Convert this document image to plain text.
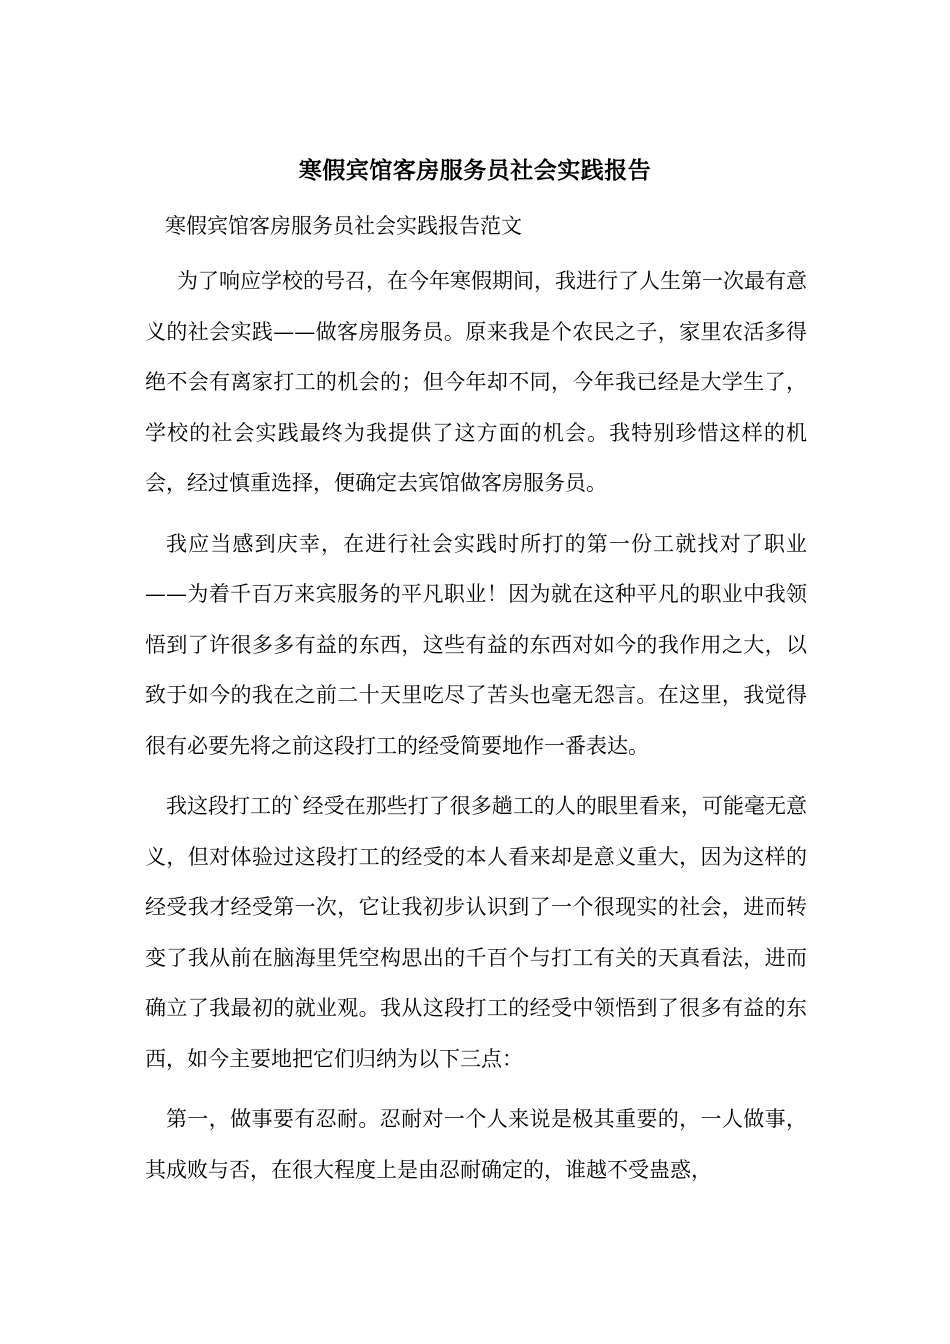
寒假宾馆客房服务员社会实践报告

寒假宾馆客房服务员社会实践报告范文

为了响应学校的号召，在今年寒假期间，我进行了人生第一次最有意义的社会实践——做客房服务员。原来我是个农民之子，家里农活多得绝不会有离家打工的机会的；但今年却不同，今年我已经是大学生了，学校的社会实践最终为我提供了这方面的机会。我特别珍惜这样的机会，经过慎重选择，便确定去宾馆做客房服务员。

我应当感到庆幸，在进行社会实践时所打的第一份工就找对了职业——为着千百万来宾服务的平凡职业！因为就在这种平凡的职业中我领悟到了许很多多有益的东西，这些有益的东西对如今的我作用之大，以致于如今的我在之前二十天里吃尽了苦头也毫无怨言。在这里，我觉得很有必要先将之前这段打工的经受简要地作一番表达。

我这段打工的`经受在那些打了很多趟工的人的眼里看来，可能毫无意义，但对体验过这段打工的经受的本人看来却是意义重大，因为这样的经受我才经受第一次，它让我初步认识到了一个很现实的社会，进而转变了我从前在脑海里凭空构思出的千百个与打工有关的天真看法，进而确立了我最初的就业观。我从这段打工的经受中领悟到了很多有益的东西，如今主要地把它们归纳为以下三点：

第一，做事要有忍耐。忍耐对一个人来说是极其重要的，一人做事，其成败与否，在很大程度上是由忍耐确定的，谁越不受蛊惑，
